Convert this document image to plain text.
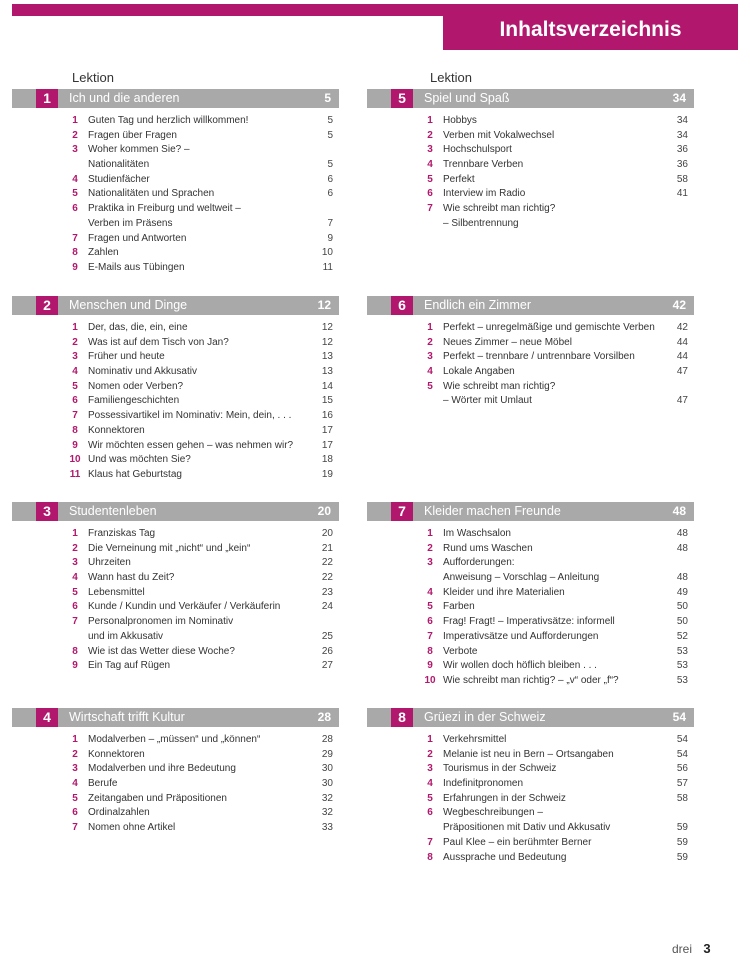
Inhaltsverzeichnis
Lektion	Lektion
1	Ich und die anderen	5
1	Guten Tag und herzlich willkommen!	5
2	Fragen über Fragen	5
3	Woher kommen Sie? –
Nationalitäten	5
4	Studienfächer	6
5	Nationalitäten und Sprachen	6
6	Praktika in Freiburg und weltweit –
Verben im Präsens	7
7	Fragen und Antworten	9
8	Zahlen	10
9	E-Mails aus Tübingen	11
2	Menschen und Dinge	12
1	Der, das, die, ein, eine	12
2	Was ist auf dem Tisch von Jan?	12
3	Früher und heute	13
4	Nominativ und Akkusativ	13
5	Nomen oder Verben?	14
6	Familiengeschichten	15
7	Possessivartikel im Nominativ: Mein, dein, . . .	16
8	Konnektoren	17
9	Wir möchten essen gehen – was nehmen wir?	17
10 Und was möchten Sie?	18
11 Klaus hat Geburtstag	19
3	Studentenleben	20
1	Franziskas Tag	20
2	Die Verneinung mit „nicht“ und „kein“	21
3	Uhrzeiten	22
4	Wann hast du Zeit?	22
5	Lebensmittel	23
6	Kunde / Kundin und Verkäufer / Verkäuferin	24
7	Personalpronomen im Nominativ
und im Akkusativ	25
8	Wie ist das Wetter diese Woche?	26
9	Ein Tag auf Rügen	27
4	Wirtschaft trifft Kultur	28
1	Modalverben – „müssen“ und „können“	28
2	Konnektoren	29
3	Modalverben und ihre Bedeutung	30
4	Berufe	30
5	Zeitangaben und Präpositionen	32
6	Ordinalzahlen	32
7	Nomen ohne Artikel	33
5	Spiel und Spaß	34
1	Hobbys	34
2	Verben mit Vokalwechsel	34
3	Hochschulsport	36
4	Trennbare Verben	36
5	Perfekt	58
6	Interview im Radio	41
7	Wie schreibt man richtig?
– Silbentrennung
6	Endlich ein Zimmer	42
1	Perfekt – unregelmäßige und gemischte Verben 42
2	Neues Zimmer – neue Möbel	44
3	Perfekt – trennbare / untrennbare Vorsilben	44
4	Lokale Angaben	47
5	Wie schreibt man richtig?
– Wörter mit Umlaut	47
7	Kleider machen Freunde	48
1	Im Waschsalon	48
2	Rund ums Waschen	48
3	Aufforderungen:
Anweisung – Vorschlag – Anleitung	48
4	Kleider und ihre Materialien	49
5	Farben	50
6	Frag! Fragt! – Imperativsätze: informell	50
7	Imperativsätze und Aufforderungen	52
8	Verbote	53
9	Wir wollen doch höflich bleiben . . .	53
10 Wie schreibt man richtig? – „v“ oder „f“?	53
8	Grüezi in der Schweiz	54
1	Verkehrsmittel	54
2	Melanie ist neu in Bern – Ortsangaben	54
3	Tourismus in der Schweiz	56
4	Indefinitpronomen	57
5	Erfahrungen in der Schweiz	58
6	Wegbeschreibungen –
Präpositionen mit Dativ und Akkusativ	59
7	Paul Klee – ein berühmter Berner	59
8	Aussprache und Bedeutung	59
drei 3
